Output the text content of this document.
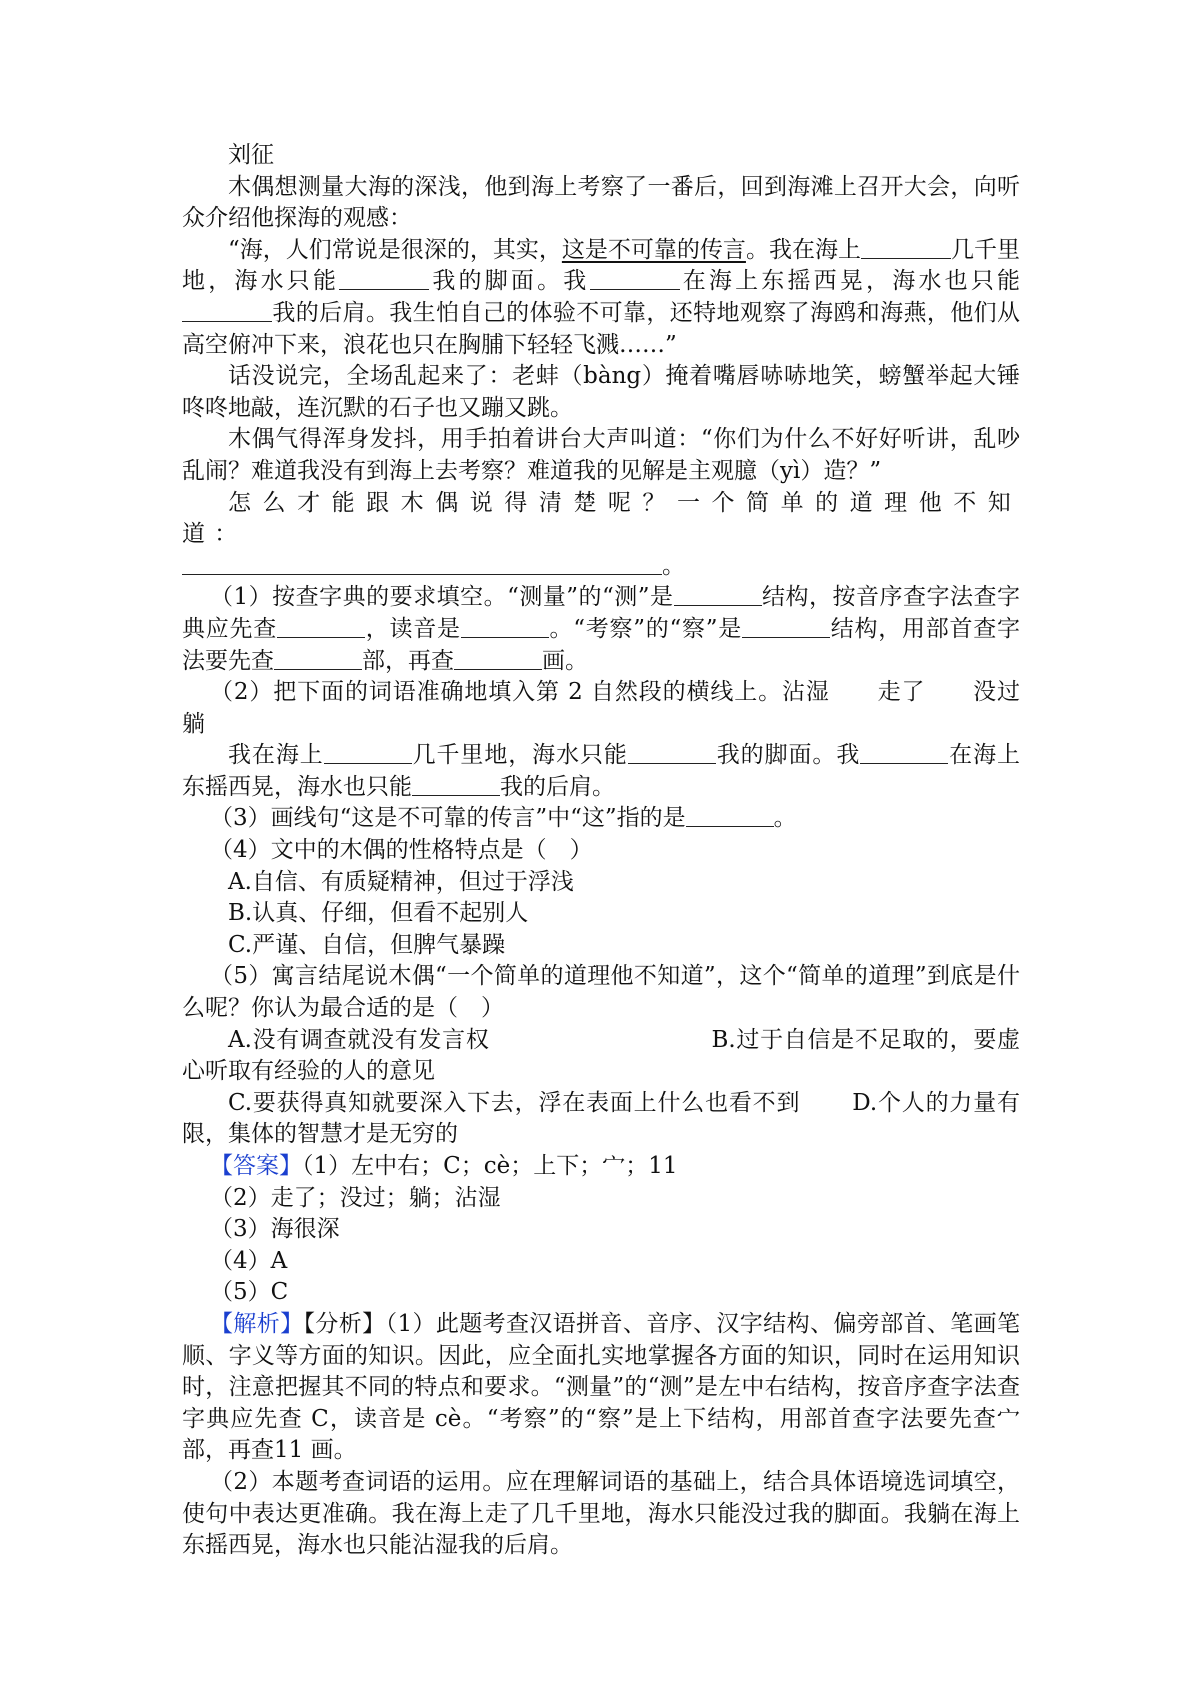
刘征

木偶想测量大海的深浅，他到海上考察了一番后，回到海滩上召开大会，向听众介绍他探海的观感：

“海，人们常说是很深的，其实，这是不可靠的传言。我在海上	几千里地，海水只能	我的脚面。我	在海上东摇西晃，海水也只能我的后肩。我生怕自己的体验不可靠，还特地观察了海鸥和海燕，他们从高空俯冲下来，浪花也只在胸脯下轻轻飞溅……”

话没说完，全场乱起来了：老蚌（bàng）掩着嘴唇哧哧地笑，螃蟹举起大锤咚咚地敲，连沉默的石子也又蹦又跳。

木偶气得浑身发抖，用手拍着讲台大声叫道：“你们为什么不好好听讲，乱吵乱闹？难道我没有到海上去考察？难道我的见解是主观臆（yì）造？”

怎么才能跟木偶说得清楚呢？一个简单的道理他不知道：

。

（1）按查字典的要求填空。“测量”的“测”是	结构，按音序查字法查字典应先查	，读音是	。“考察”的“察”是	结构，用部首查字法要先查	部，再查	画。

（2）把下面的词语准确地填入第 2 自然段的横线上。沾湿　　走了　　没过　躺

我在海上	几千里地，海水只能	我的脚面。我	在海上东摇西晃，海水也只能	我的后肩。

（3）画线句“这是不可靠的传言”中“这”指的是	。

（4）文中的木偶的性格特点是（　）

A.自信、有质疑精神，但过于浮浅

B.认真、仔细，但看不起别人

C.严谨、自信，但脾气暴躁

（5）寓言结尾说木偶“一个简单的道理他不知道”，这个“简单的道理”到底是什么呢？你认为最合适的是（　）

A.没有调查就没有发言权	B.过于自信是不足取的，要虚心听取有经验的人的意见

C.要获得真知就要深入下去，浮在表面上什么也看不到 D.个人的力量有限，集体的智慧才是无穷的

【答案】（1）左中右；C；cè；上下；宀；11

（2）走了；没过；躺；沾湿

（3）海很深

（4）A

（5）C

【解析】【分析】（1）此题考查汉语拼音、音序、汉字结构、偏旁部首、笔画笔顺、字义等方面的知识。因此，应全面扎实地掌握各方面的知识，同时在运用知识时，注意把握其不同的特点和要求。“测量”的“测”是左中右结构，按音序查字法查字典应先查 C，读音是 cè。“考察”的“察”是上下结构，用部首查字法要先查宀部，再查11 画。

（2）本题考查词语的运用。应在理解词语的基础上，结合具体语境选词填空，使句中表达更准确。我在海上走了几千里地，海水只能没过我的脚面。我躺在海上东摇西晃，海水也只能沾湿我的后肩。
